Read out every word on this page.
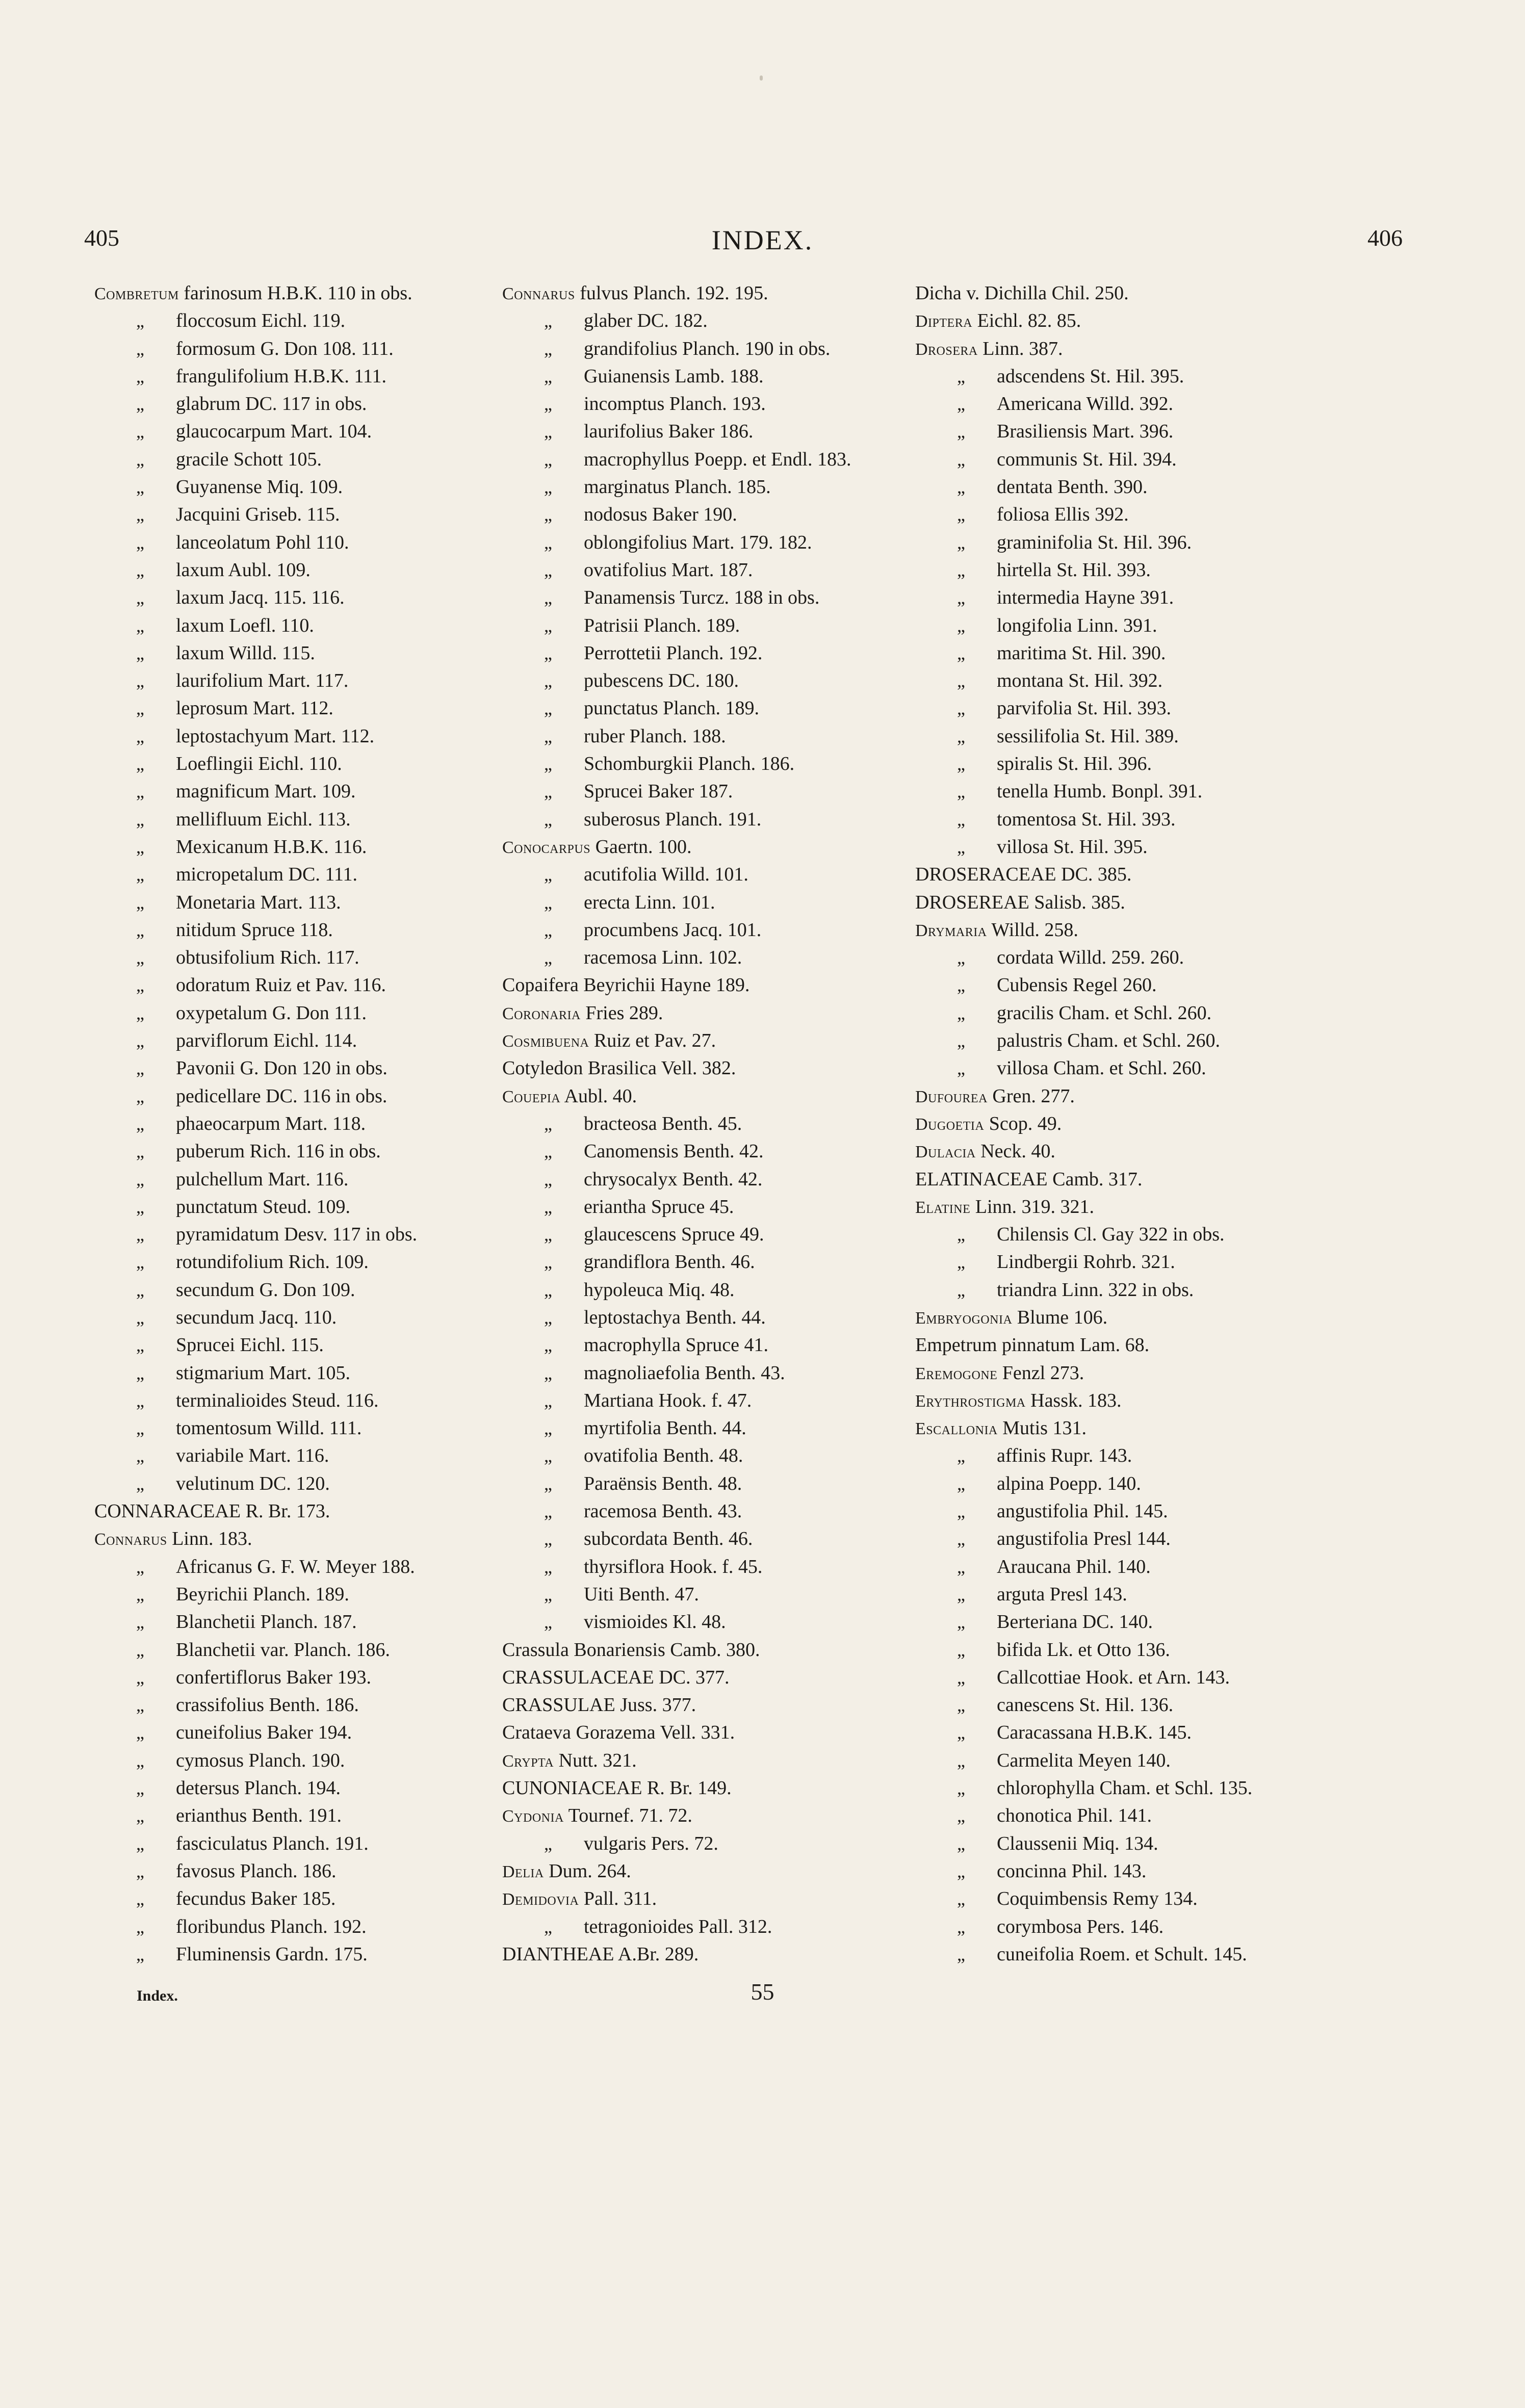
405	INDEX.	406
Combretum farinosum H.B.K. 110 in obs.
„ floccosum Eichl. 119.
„ formosum G. Don 108. 111.
„ frangulifolium H.B.K. 111.
„ glabrum DC. 117 in obs.
„ glaucocarpum Mart. 104.
„ gracile Schott 105.
„ Guyanense Miq. 109.
„ Jacquini Griseb. 115.
„ lanceolatum Pohl 110.
„ laxum Aubl. 109.
„ laxum Jacq. 115. 116.
„ laxum Loefl. 110.
„ laxum Willd. 115.
„ laurifolium Mart. 117.
„ leprosum Mart. 112.
„ leptostachyum Mart. 112.
„ Loeflingii Eichl. 110.
„ magnificum Mart. 109.
„ mellifluum Eichl. 113.
„ Mexicanum H.B.K. 116.
„ micropetalum DC. 111.
„ Monetaria Mart. 113.
„ nitidum Spruce 118.
„ obtusifolium Rich. 117.
„ odoratum Ruiz et Pav. 116.
„ oxypetalum G. Don 111.
„ parviflorum Eichl. 114.
„ Pavonii G. Don 120 in obs.
„ pedicellare DC. 116 in obs.
„ phaeocarpum Mart. 118.
„ puberum Rich. 116 in obs.
„ pulchellum Mart. 116.
„ punctatum Steud. 109.
„ pyramidatum Desv. 117 in obs.
„ rotundifolium Rich. 109.
„ secundum G. Don 109.
„ secundum Jacq. 110.
„ Sprucei Eichl. 115.
„ stigmarium Mart. 105.
„ terminalioides Steud. 116.
„ tomentosum Willd. 111.
„ variabile Mart. 116.
„ velutinum DC. 120.
CONNARACEAE R. Br. 173.
Connarus Linn. 183.
„ Africanus G. F. W. Meyer 188.
„ Beyrichii Planch. 189.
„ Blanchetii Planch. 187.
„ Blanchetii var. Planch. 186.
„ confertiflorus Baker 193.
„ crassifolius Benth. 186.
„ cuneifolius Baker 194.
„ cymosus Planch. 190.
„ detersus Planch. 194.
„ erianthus Benth. 191.
„ fasciculatus Planch. 191.
„ favosus Planch. 186.
„ fecundus Baker 185.
„ floribundus Planch. 192.
„ Fluminensis Gardn. 175.
Connarus fulvus Planch. 192. 195.
„ glaber DC. 182.
„ grandifolius Planch. 190 in obs.
„ Guianensis Lamb. 188.
„ incomptus Planch. 193.
„ laurifolius Baker 186.
„ macrophyllus Poepp. et Endl. 183.
„ marginatus Planch. 185.
„ nodosus Baker 190.
„ oblongifolius Mart. 179. 182.
„ ovatifolius Mart. 187.
„ Panamensis Turcz. 188 in obs.
„ Patrisii Planch. 189.
„ Perrottetii Planch. 192.
„ pubescens DC. 180.
„ punctatus Planch. 189.
„ ruber Planch. 188.
„ Schomburgkii Planch. 186.
„ Sprucei Baker 187.
„ suberosus Planch. 191.
Conocarpus Gaertn. 100.
„ acutifolia Willd. 101.
„ erecta Linn. 101.
„ procumbens Jacq. 101.
„ racemosa Linn. 102.
Copaifera Beyrichii Hayne 189.
Coronaria Fries 289.
Cosmibuena Ruiz et Pav. 27.
Cotyledon Brasilica Vell. 382.
Couepia Aubl. 40.
„ bracteosa Benth. 45.
„ Canomensis Benth. 42.
„ chrysocalyx Benth. 42.
„ eriantha Spruce 45.
„ glaucescens Spruce 49.
„ grandiflora Benth. 46.
„ hypoleuca Miq. 48.
„ leptostachya Benth. 44.
„ macrophylla Spruce 41.
„ magnoliaefolia Benth. 43.
„ Martiana Hook. f. 47.
„ myrtifolia Benth. 44.
„ ovatifolia Benth. 48.
„ Paraënsis Benth. 48.
„ racemosa Benth. 43.
„ subcordata Benth. 46.
„ thyrsiflora Hook. f. 45.
„ Uiti Benth. 47.
„ vismioides Kl. 48.
Crassula Bonariensis Camb. 380.
CRASSULACEAE DC. 377.
CRASSULAE Juss. 377.
Crataeva Gorazema Vell. 331.
Crypta Nutt. 321.
CUNONIACEAE R. Br. 149.
Cydonia Tournef. 71. 72.
„ vulgaris Pers. 72.
Delia Dum. 264.
Demidovia Pall. 311.
„ tetragonioides Pall. 312.
DIANTHEAE A.Br. 289.
Dicha v. Dichilla Chil. 250.
Diptera Eichl. 82. 85.
Drosera Linn. 387.
„ adscendens St. Hil. 395.
„ Americana Willd. 392.
„ Brasiliensis Mart. 396.
„ communis St. Hil. 394.
„ dentata Benth. 390.
„ foliosa Ellis 392.
„ graminifolia St. Hil. 396.
„ hirtella St. Hil. 393.
„ intermedia Hayne 391.
„ longifolia Linn. 391.
„ maritima St. Hil. 390.
„ montana St. Hil. 392.
„ parvifolia St. Hil. 393.
„ sessilifolia St. Hil. 389.
„ spiralis St. Hil. 396.
„ tenella Humb. Bonpl. 391.
„ tomentosa St. Hil. 393.
„ villosa St. Hil. 395.
DROSERACEAE DC. 385.
DROSEREAE Salisb. 385.
Drymaria Willd. 258.
„ cordata Willd. 259. 260.
„ Cubensis Regel 260.
„ gracilis Cham. et Schl. 260.
„ palustris Cham. et Schl. 260.
„ villosa Cham. et Schl. 260.
Dufourea Gren. 277.
Dugoetia Scop. 49.
Dulacia Neck. 40.
ELATINACEAE Camb. 317.
Elatine Linn. 319. 321.
„ Chilensis Cl. Gay 322 in obs.
„ Lindbergii Rohrb. 321.
„ triandra Linn. 322 in obs.
Embryogonia Blume 106.
Empetrum pinnatum Lam. 68.
Eremogone Fenzl 273.
Erythrostigma Hassk. 183.
Escallonia Mutis 131.
„ affinis Rupr. 143.
„ alpina Poepp. 140.
„ angustifolia Phil. 145.
„ angustifolia Presl 144.
„ Araucana Phil. 140.
„ arguta Presl 143.
„ Berteriana DC. 140.
„ bifida Lk. et Otto 136.
„ Callcottiae Hook. et Arn. 143.
„ canescens St. Hil. 136.
„ Caracassana H.B.K. 145.
„ Carmelita Meyen 140.
„ chlorophylla Cham. et Schl. 135.
„ chonotica Phil. 141.
„ Claussenii Miq. 134.
„ concinna Phil. 143.
„ Coquimbensis Remy 134.
„ corymbosa Pers. 146.
„ cuneifolia Roem. et Schult. 145.
Index.	55
